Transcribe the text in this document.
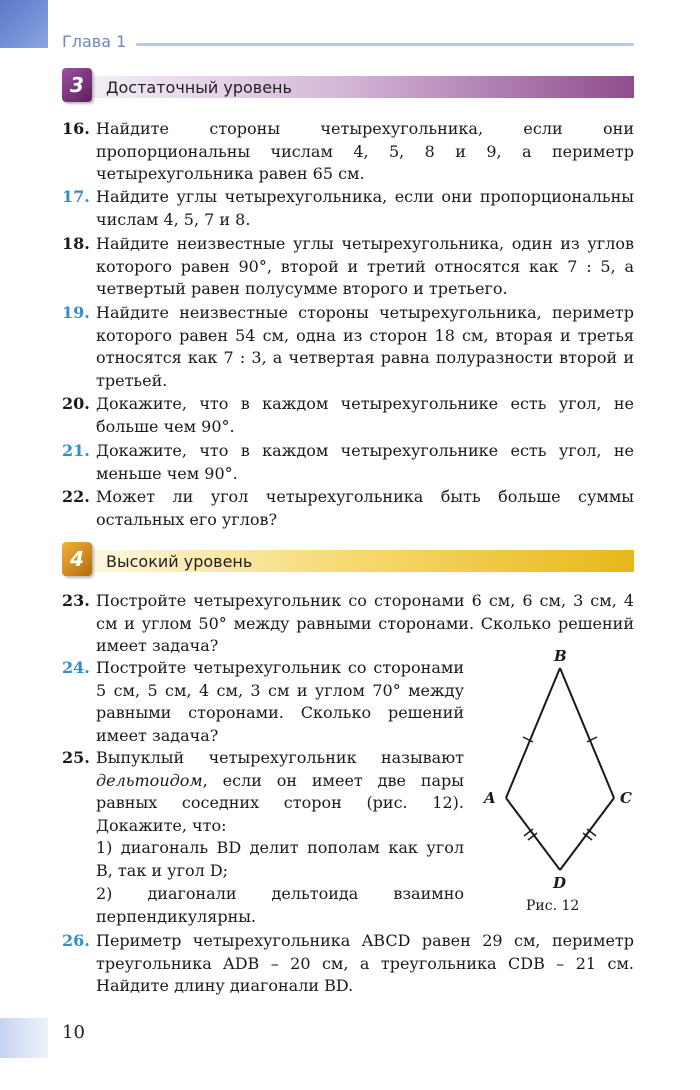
Глава 1
3	Достаточный уровень
16. Найдите стороны четырехугольника, если они пропорциональны числам 4, 5, 8 и 9, а периметр четырехугольника равен 65 см.
17. Найдите углы четырехугольника, если они пропорциональны числам 4, 5, 7 и 8.
18. Найдите неизвестные углы четырехугольника, один из углов которого равен 90°, второй и третий относятся как 7 : 5, а четвертый равен полусумме второго и третьего.
19. Найдите неизвестные стороны четырехугольника, периметр которого равен 54 см, одна из сторон 18 см, вторая и третья относятся как 7 : 3, а четвертая равна полуразности второй и третьей.
20. Докажите, что в каждом четырехугольнике есть угол, не больше чем 90°.
21. Докажите, что в каждом четырехугольнике есть угол, не меньше чем 90°.
22. Может ли угол четырехугольника быть больше суммы остальных его углов?
4	Высокий уровень
23. Постройте четырехугольник со сторонами 6 см, 6 см, 3 см, 4 см и углом 50° между равными сторонами. Сколько решений имеет задача?
24. Постройте четырехугольник со сторонами 5 см, 5 см, 4 см, 3 см и углом 70° между равными сторонами. Сколько решений имеет задача?
25. Выпуклый четырехугольник называют дельтоидом, если он имеет две пары равных соседних сторон (рис. 12). Докажите, что:
1) диагональ BD делит пополам как угол B, так и угол D;
2) диагонали дельтоида взаимно перпендикулярны.
B
A	C
D
Рис. 12
26. Периметр четырехугольника ABCD равен 29 см, периметр треугольника ADB – 20 см, а треугольника CDB – 21 см. Найдите длину диагонали BD.
10
